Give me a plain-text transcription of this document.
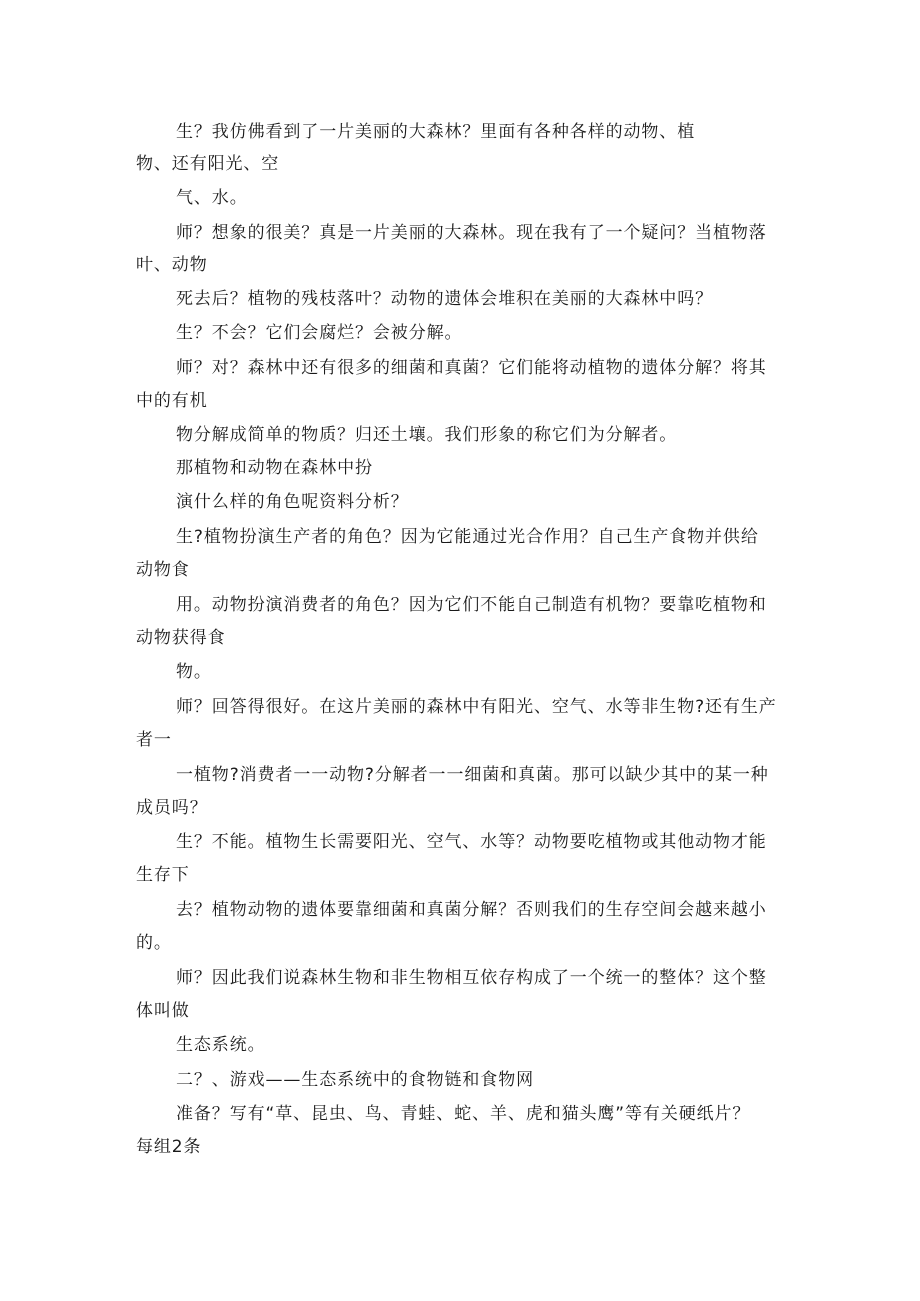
生？我仿佛看到了一片美丽的大森林？里面有各种各样的动物、植
物、还有阳光、空
气、水。
师？想象的很美？真是一片美丽的大森林。现在我有了一个疑问？当植物落
叶、动物
死去后？植物的残枝落叶？动物的遗体会堆积在美丽的大森林中吗？
生？不会？它们会腐烂？会被分解。
师？对？森林中还有很多的细菌和真菌？它们能将动植物的遗体分解？将其
中的有机
物分解成简单的物质？归还土壤。我们形象的称它们为分解者。
那植物和动物在森林中扮
演什么样的角色呢资料分析？
生?植物扮演生产者的角色？因为它能通过光合作用？自己生产食物并供给
动物食
用。动物扮演消费者的角色？因为它们不能自己制造有机物？要靠吃植物和
动物获得食
物。
师？回答得很好。在这片美丽的森林中有阳光、空气、水等非生物?还有生产
者一
一植物?消费者一一动物?分解者一一细菌和真菌。那可以缺少其中的某一种
成员吗？
生？不能。植物生长需要阳光、空气、水等？动物要吃植物或其他动物才能
生存下
去？植物动物的遗体要靠细菌和真菌分解？否则我们的生存空间会越来越小
的。
师？因此我们说森林生物和非生物相互依存构成了一个统一的整体？这个整
体叫做
生态系统。
二？、游戏——生态系统中的食物链和食物网
准备？写有“草、昆虫、鸟、青蛙、蛇、羊、虎和猫头鹰”等有关硬纸片？
每组2条
